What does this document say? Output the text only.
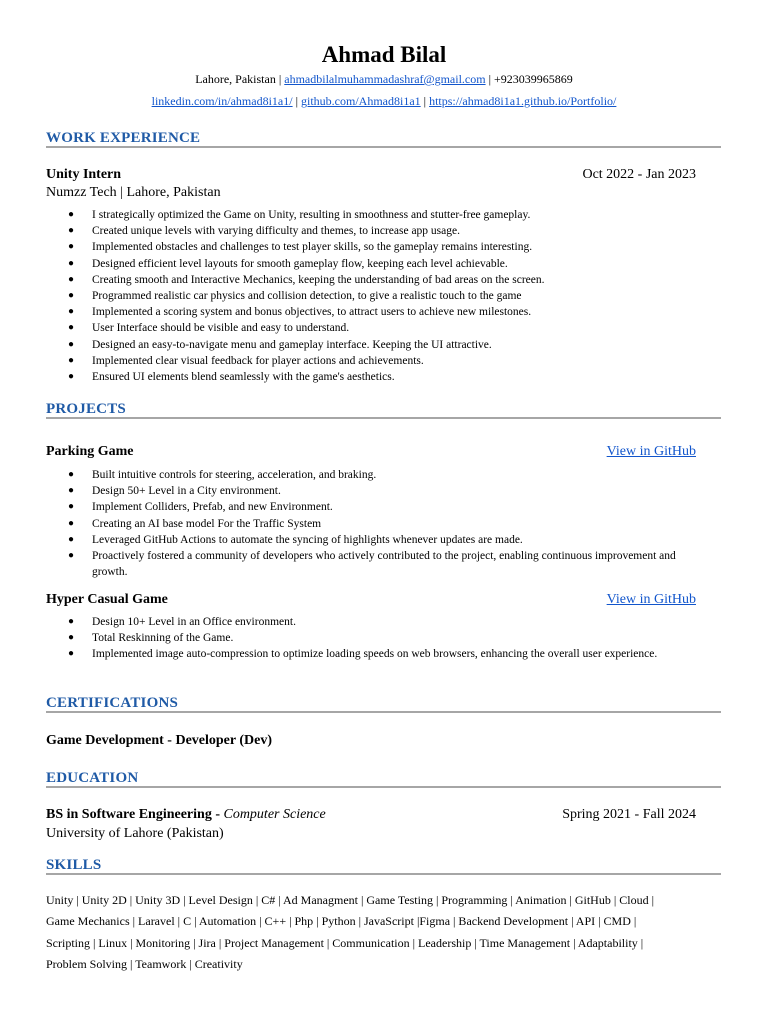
Ahmad Bilal
Lahore, Pakistan | ahmadbilalmuhammadashraf@gmail.com | +923039965869
linkedin.com/in/ahmad8i1a1/ | github.com/Ahmad8i1a1 | https://ahmad8i1a1.github.io/Portfolio/
WORK EXPERIENCE
Unity Intern	Oct 2022 - Jan 2023
Numzz Tech | Lahore, Pakistan
● I strategically optimized the Game on Unity, resulting in smoothness and stutter-free gameplay.
● Created unique levels with varying difficulty and themes, to increase app usage.
● Implemented obstacles and challenges to test player skills, so the gameplay remains interesting.
● Designed efficient level layouts for smooth gameplay flow, keeping each level achievable.
● Creating smooth and Interactive Mechanics, keeping the understanding of bad areas on the screen.
● Programmed realistic car physics and collision detection, to give a realistic touch to the game
● Implemented a scoring system and bonus objectives, to attract users to achieve new milestones.
● User Interface should be visible and easy to understand.
● Designed an easy-to-navigate menu and gameplay interface. Keeping the UI attractive.
● Implemented clear visual feedback for player actions and achievements.
● Ensured UI elements blend seamlessly with the game's aesthetics.
PROJECTS
Parking Game	View in GitHub
● Built intuitive controls for steering, acceleration, and braking.
● Design 50+ Level in a City environment.
● Implement Colliders, Prefab, and new Environment.
● Creating an AI base model For the Traffic System
● Leveraged GitHub Actions to automate the syncing of highlights whenever updates are made.
● Proactively fostered a community of developers who actively contributed to the project, enabling continuous improvement and growth.
Hyper Casual Game	View in GitHub
● Design 10+ Level in an Office environment.
● Total Reskinning of the Game.
● Implemented image auto-compression to optimize loading speeds on web browsers, enhancing the overall user experience.
CERTIFICATIONS
Game Development - Developer (Dev)
EDUCATION
BS in Software Engineering - Computer Science	Spring 2021 - Fall 2024
University of Lahore (Pakistan)
SKILLS
Unity | Unity 2D | Unity 3D | Level Design | C# | Ad Managment | Game Testing | Programming | Animation | GitHub | Cloud |
Game Mechanics | Laravel | C | Automation | C++ | Php | Python | JavaScript |Figma | Backend Development | API | CMD |
Scripting | Linux | Monitoring | Jira | Project Management | Communication | Leadership | Time Management | Adaptability |
Problem Solving | Teamwork | Creativity
